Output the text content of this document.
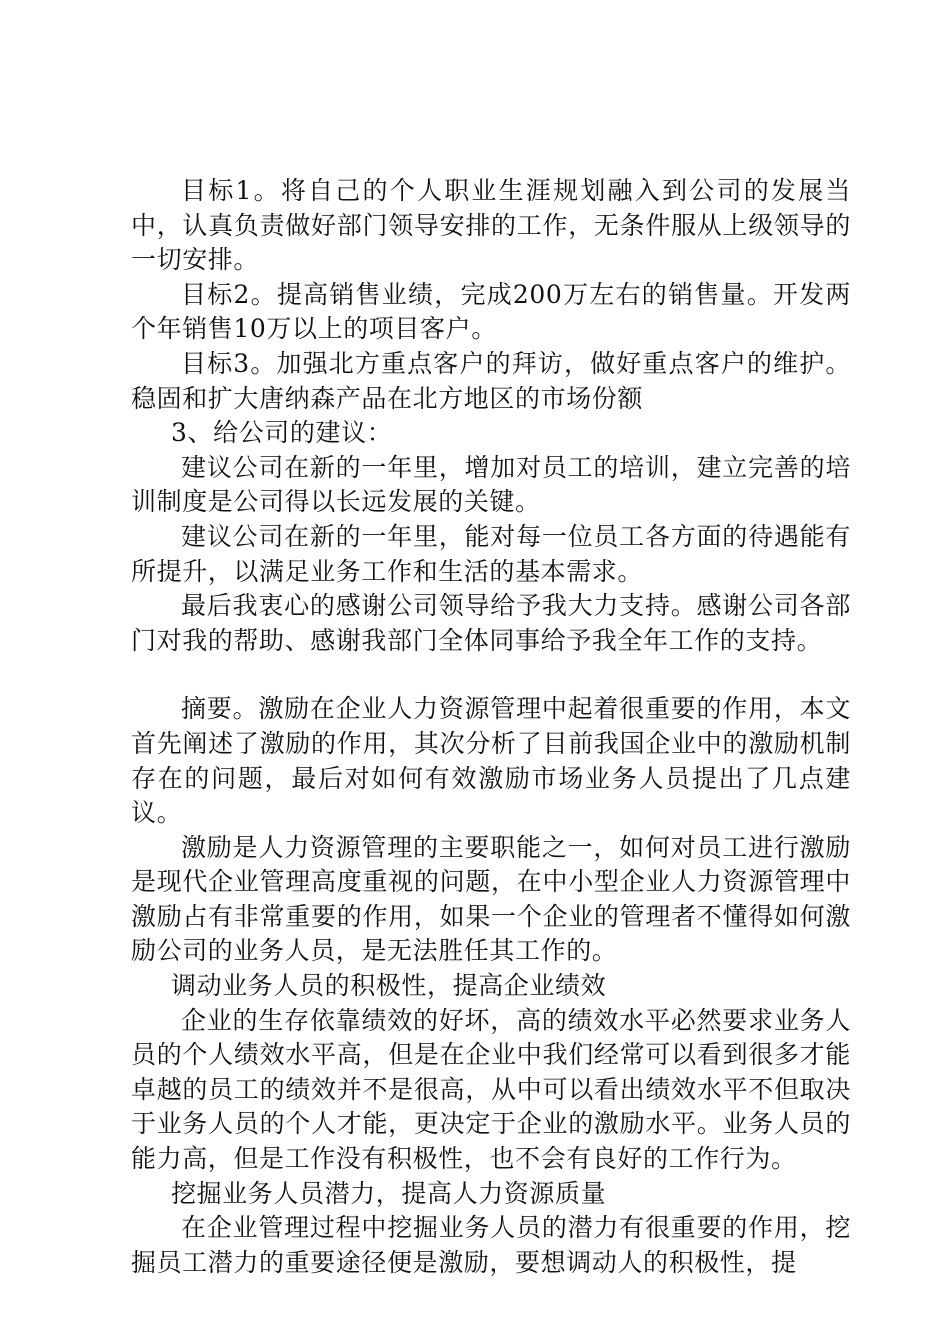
目标1。将自己的个人职业生涯规划融入到公司的发展当中，认真负责做好部门领导安排的工作，无条件服从上级领导的一切安排。

目标2。提高销售业绩，完成200万左右的销售量。开发两个年销售10万以上的项目客户。

目标3。加强北方重点客户的拜访，做好重点客户的维护。稳固和扩大唐纳森产品在北方地区的市场份额

3、给公司的建议：

建议公司在新的一年里，增加对员工的培训，建立完善的培训制度是公司得以长远发展的关键。

建议公司在新的一年里，能对每一位员工各方面的待遇能有所提升，以满足业务工作和生活的基本需求。

最后我衷心的感谢公司领导给予我大力支持。感谢公司各部门对我的帮助、感谢我部门全体同事给予我全年工作的支持。

摘要。激励在企业人力资源管理中起着很重要的作用，本文首先阐述了激励的作用，其次分析了目前我国企业中的激励机制存在的问题，最后对如何有效激励市场业务人员提出了几点建议。

激励是人力资源管理的主要职能之一，如何对员工进行激励是现代企业管理高度重视的问题，在中小型企业人力资源管理中激励占有非常重要的作用，如果一个企业的管理者不懂得如何激励公司的业务人员，是无法胜任其工作的。

调动业务人员的积极性，提高企业绩效

企业的生存依靠绩效的好坏，高的绩效水平必然要求业务人员的个人绩效水平高，但是在企业中我们经常可以看到很多才能卓越的员工的绩效并不是很高，从中可以看出绩效水平不但取决于业务人员的个人才能，更决定于企业的激励水平。业务人员的能力高，但是工作没有积极性，也不会有良好的工作行为。

挖掘业务人员潜力，提高人力资源质量

在企业管理过程中挖掘业务人员的潜力有很重要的作用，挖掘员工潜力的重要途径便是激励，要想调动人的积极性，提
